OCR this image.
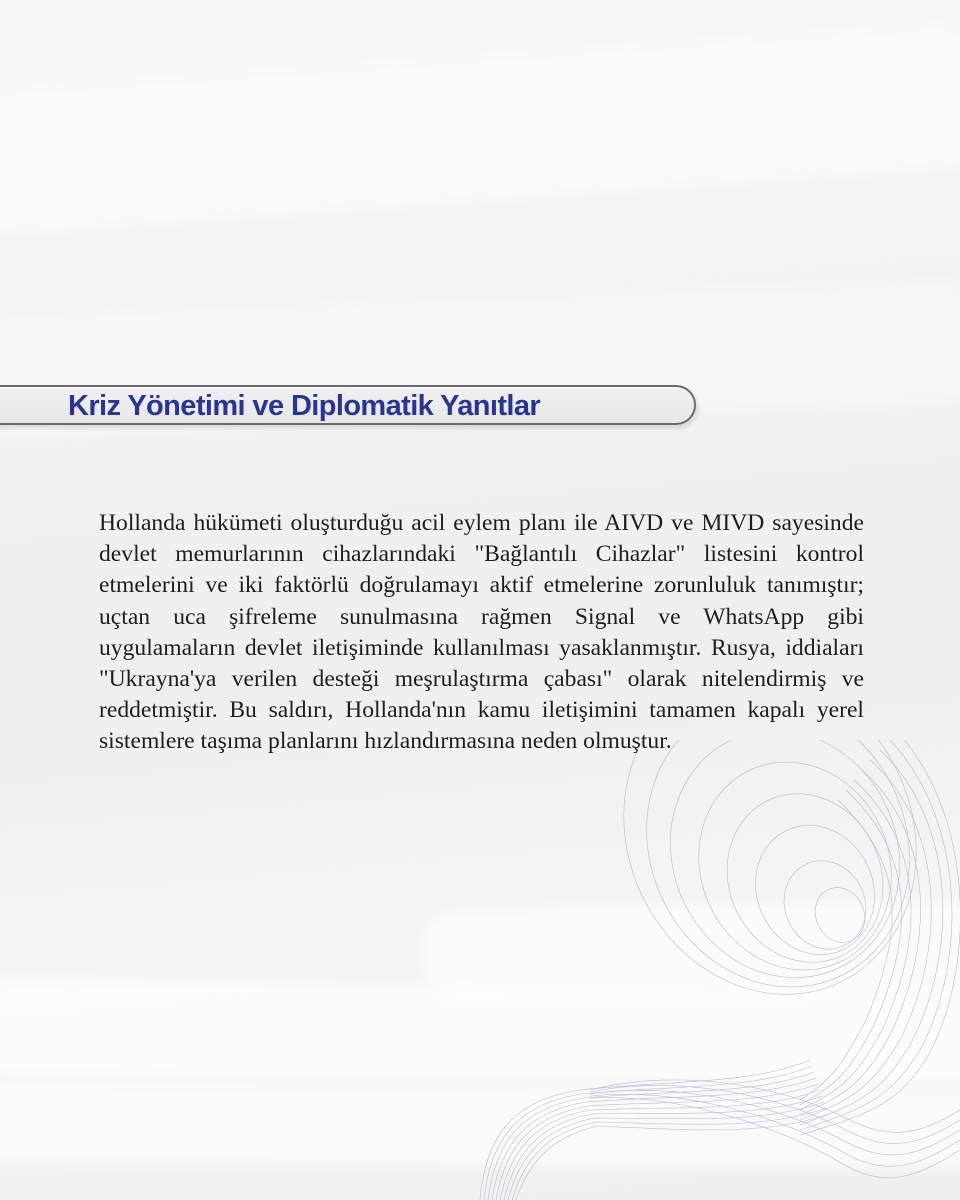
Kriz Yönetimi ve Diplomatik Yanıtlar

Hollanda hükümeti oluşturduğu acil eylem planı ile AIVD ve MIVD sayesinde devlet memurlarının cihazlarındaki "Bağlantılı Cihazlar" listesini kontrol etmelerini ve iki faktörlü doğrulamayı aktif etmelerine zorunluluk tanımıştır; uçtan uca şifreleme sunulmasına rağmen Signal ve WhatsApp gibi uygulamaların devlet iletişiminde kullanılması yasaklanmıştır. Rusya, iddiaları "Ukrayna'ya verilen desteği meşrulaştırma çabası" olarak nitelendirmiş ve reddetmiştir. Bu saldırı, Hollanda'nın kamu iletişimini tamamen kapalı yerel sistemlere taşıma planlarını hızlandırmasına neden olmuştur.
